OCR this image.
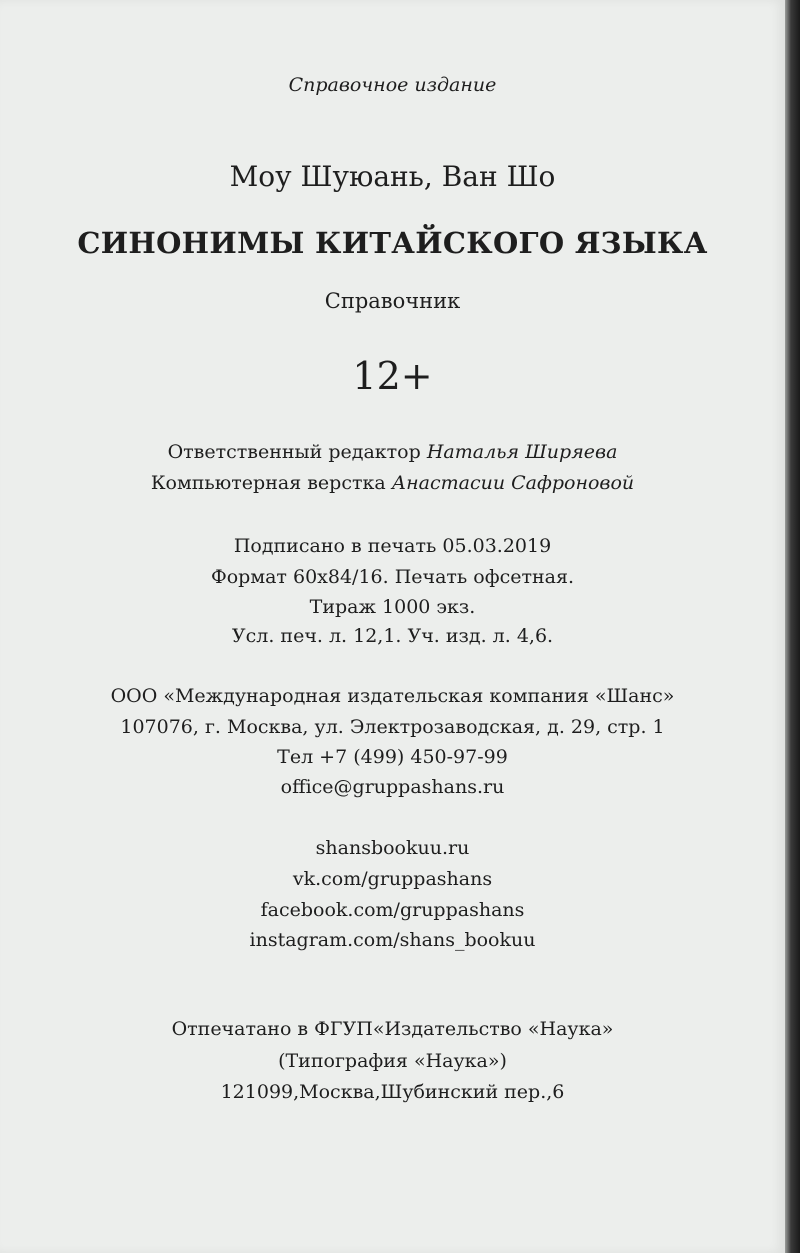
Справочное издание
Моу Шуюань, Ван Шо
СИНОНИМЫ КИТАЙСКОГО ЯЗЫКА
Справочник
12+
Ответственный редактор Наталья Ширяева
Компьютерная верстка Анастасии Сафроновой
Подписано в печать 05.03.2019
Формат 60x84/16. Печать офсетная.
Тираж 1000 экз.
Усл. печ. л. 12,1. Уч. изд. л. 4,6.
ООО «Международная издательская компания «Шанс»
107076, г. Москва, ул. Электрозаводская, д. 29, стр. 1
Тел +7 (499) 450-97-99
office@gruppashans.ru
shansbookuu.ru
vk.com/gruppashans
facebook.com/gruppashans
instagram.com/shans_bookuu
Отпечатано в ФГУП«Издательство «Наука»
(Типография «Наука»)
121099,Москва,Шубинский пер.,6
